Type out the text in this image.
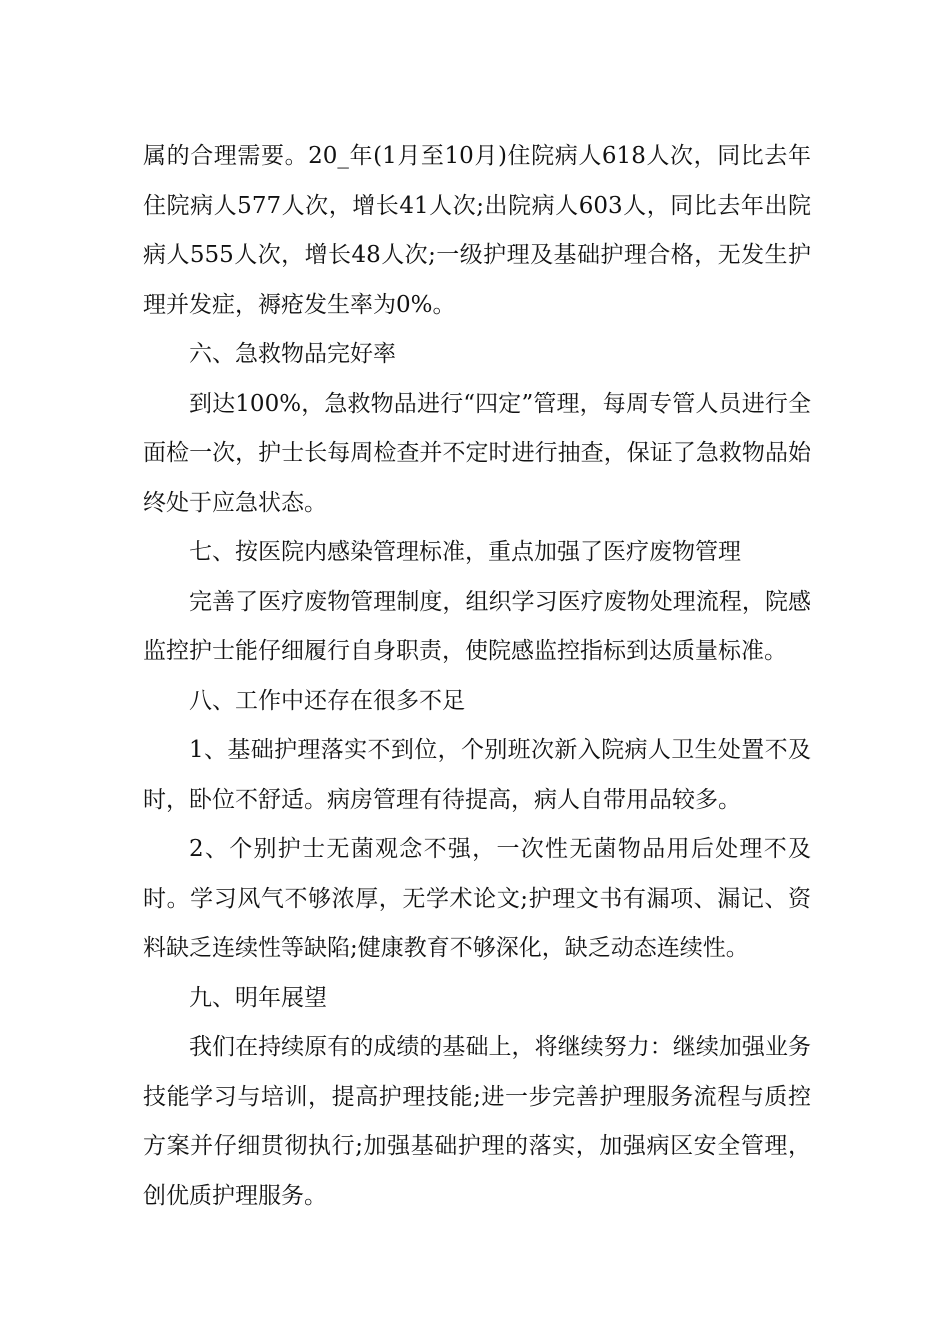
属的合理需要。20_年(1月至10月)住院病人618人次，同比去年住院病人577人次，增长41人次;出院病人603人，同比去年出院病人555人次，增长48人次;一级护理及基础护理合格，无发生护理并发症，褥疮发生率为0%。

六、急救物品完好率

到达100%，急救物品进行“四定”管理，每周专管人员进行全面检一次，护士长每周检查并不定时进行抽查，保证了急救物品始终处于应急状态。

七、按医院内感染管理标准，重点加强了医疗废物管理

完善了医疗废物管理制度，组织学习医疗废物处理流程，院感监控护士能仔细履行自身职责，使院感监控指标到达质量标准。

八、工作中还存在很多不足

1、基础护理落实不到位，个别班次新入院病人卫生处置不及时，卧位不舒适。病房管理有待提高，病人自带用品较多。

2、个别护士无菌观念不强，一次性无菌物品用后处理不及时。学习风气不够浓厚，无学术论文;护理文书有漏项、漏记、资料缺乏连续性等缺陷;健康教育不够深化，缺乏动态连续性。

九、明年展望

我们在持续原有的成绩的基础上，将继续努力：继续加强业务技能学习与培训，提高护理技能;进一步完善护理服务流程与质控方案并仔细贯彻执行;加强基础护理的落实，加强病区安全管理，创优质护理服务。
